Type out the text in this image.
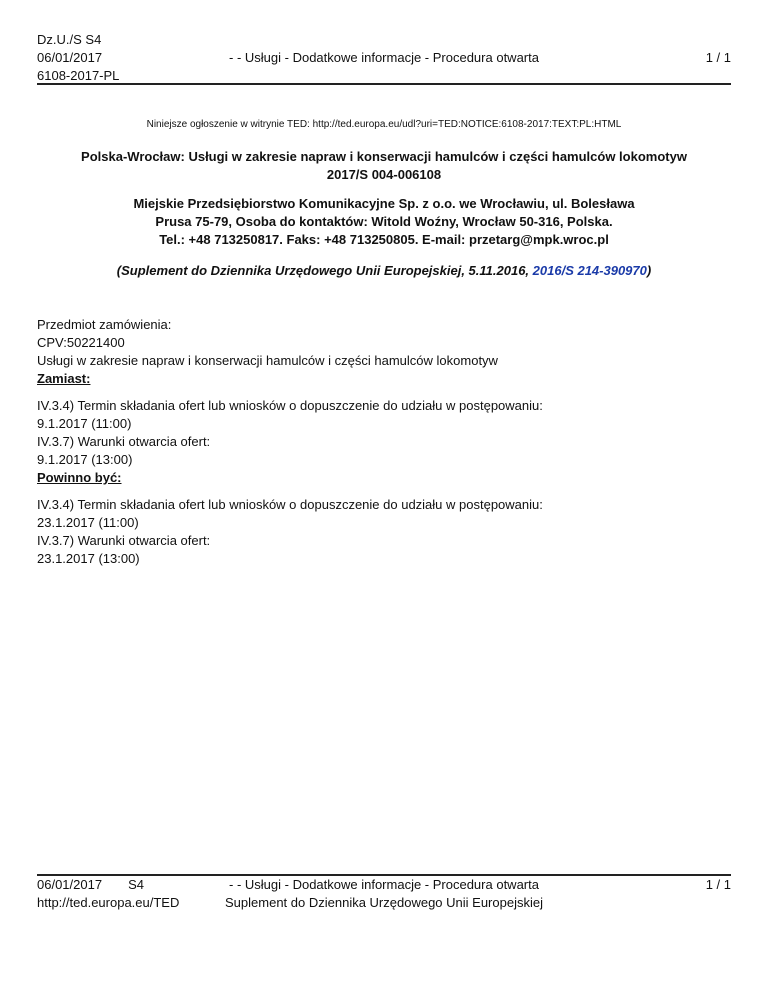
Dz.U./S S4
06/01/2017
6108-2017-PL
- - Usługi - Dodatkowe informacje - Procedura otwarta	1 / 1
Niniejsze ogłoszenie w witrynie TED: http://ted.europa.eu/udl?uri=TED:NOTICE:6108-2017:TEXT:PL:HTML
Polska-Wrocław: Usługi w zakresie napraw i konserwacji hamulców i części hamulców lokomotyw
2017/S 004-006108
Miejskie Przedsiębiorstwo Komunikacyjne Sp. z o.o. we Wrocławiu, ul. Bolesława
Prusa 75-79, Osoba do kontaktów: Witold Woźny, Wrocław 50-316, Polska.
Tel.: +48 713250817. Faks: +48 713250805. E-mail: przetarg@mpk.wroc.pl
(Suplement do Dziennika Urzędowego Unii Europejskiej, 5.11.2016, 2016/S 214-390970)
Przedmiot zamówienia:
CPV:50221400
Usługi w zakresie napraw i konserwacji hamulców i części hamulców lokomotyw
Zamiast:
IV.3.4) Termin składania ofert lub wniosków o dopuszczenie do udziału w postępowaniu:
9.1.2017 (11:00)
IV.3.7) Warunki otwarcia ofert:
9.1.2017 (13:00)
Powinno być:
IV.3.4) Termin składania ofert lub wniosków o dopuszczenie do udziału w postępowaniu:
23.1.2017 (11:00)
IV.3.7) Warunki otwarcia ofert:
23.1.2017 (13:00)
06/01/2017 S4
http://ted.europa.eu/TED
- - Usługi - Dodatkowe informacje - Procedura otwarta
Suplement do Dziennika Urzędowego Unii Europejskiej
1 / 1
